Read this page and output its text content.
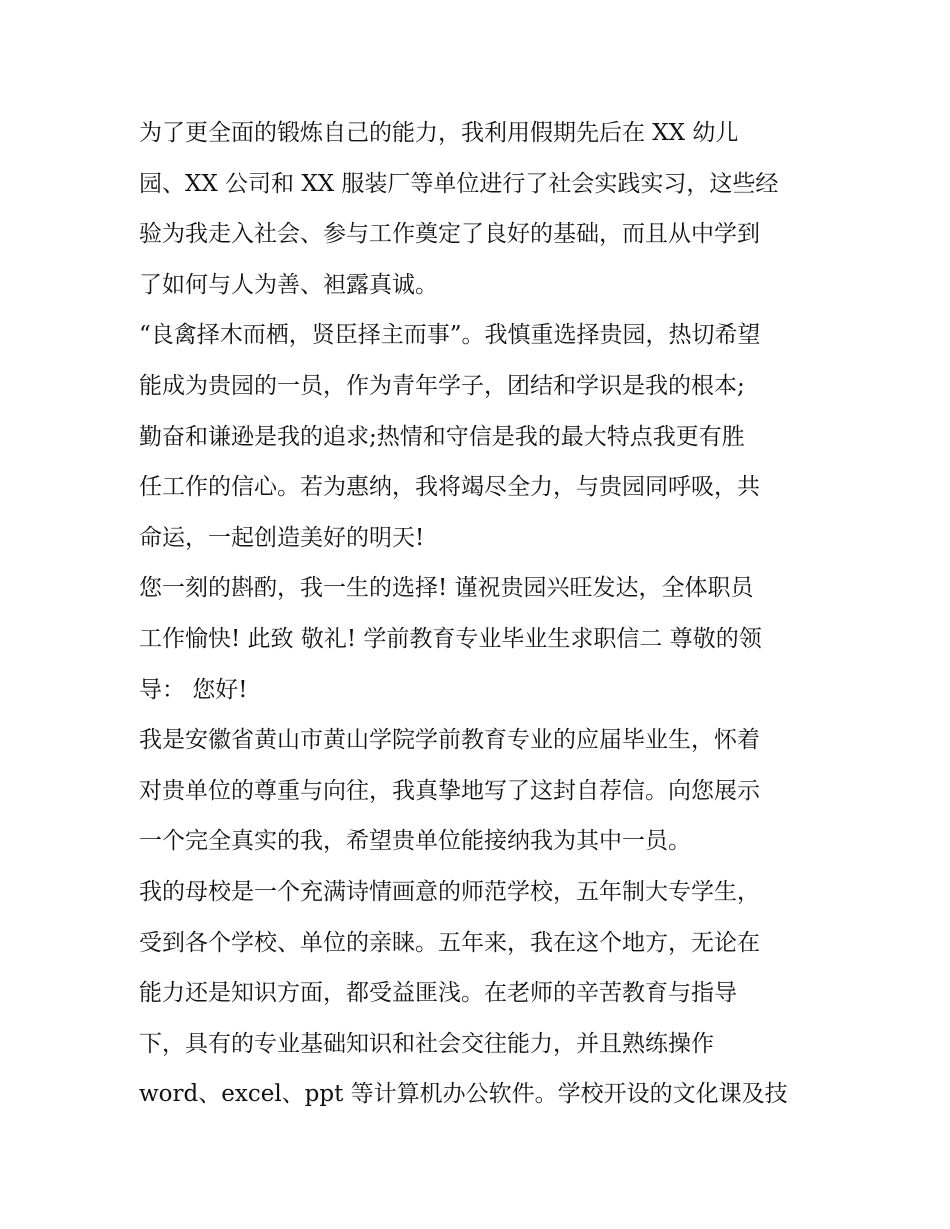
为了更全面的锻炼自己的能力，我利用假期先后在 XX 幼儿
园、XX 公司和 XX 服装厂等单位进行了社会实践实习，这些经
验为我走入社会、参与工作奠定了良好的基础，而且从中学到
了如何与人为善、袒露真诚。
“良禽择木而栖，贤臣择主而事”。我慎重选择贵园，热切希望
能成为贵园的一员，作为青年学子，团结和学识是我的根本;
勤奋和谦逊是我的追求;热情和守信是我的最大特点我更有胜
任工作的信心。若为惠纳，我将竭尽全力，与贵园同呼吸，共
命运，一起创造美好的明天!
您一刻的斟酌，我一生的选择! 谨祝贵园兴旺发达，全体职员
工作愉快! 此致 敬礼! 学前教育专业毕业生求职信二 尊敬的领
导： 您好!
我是安徽省黄山市黄山学院学前教育专业的应届毕业生，怀着
对贵单位的尊重与向往，我真挚地写了这封自荐信。向您展示
一个完全真实的我，希望贵单位能接纳我为其中一员。
我的母校是一个充满诗情画意的师范学校，五年制大专学生，
受到各个学校、单位的亲睐。五年来，我在这个地方，无论在
能力还是知识方面，都受益匪浅。在老师的辛苦教育与指导
下，具有的专业基础知识和社会交往能力，并且熟练操作
word、excel、ppt 等计算机办公软件。学校开设的文化课及技
